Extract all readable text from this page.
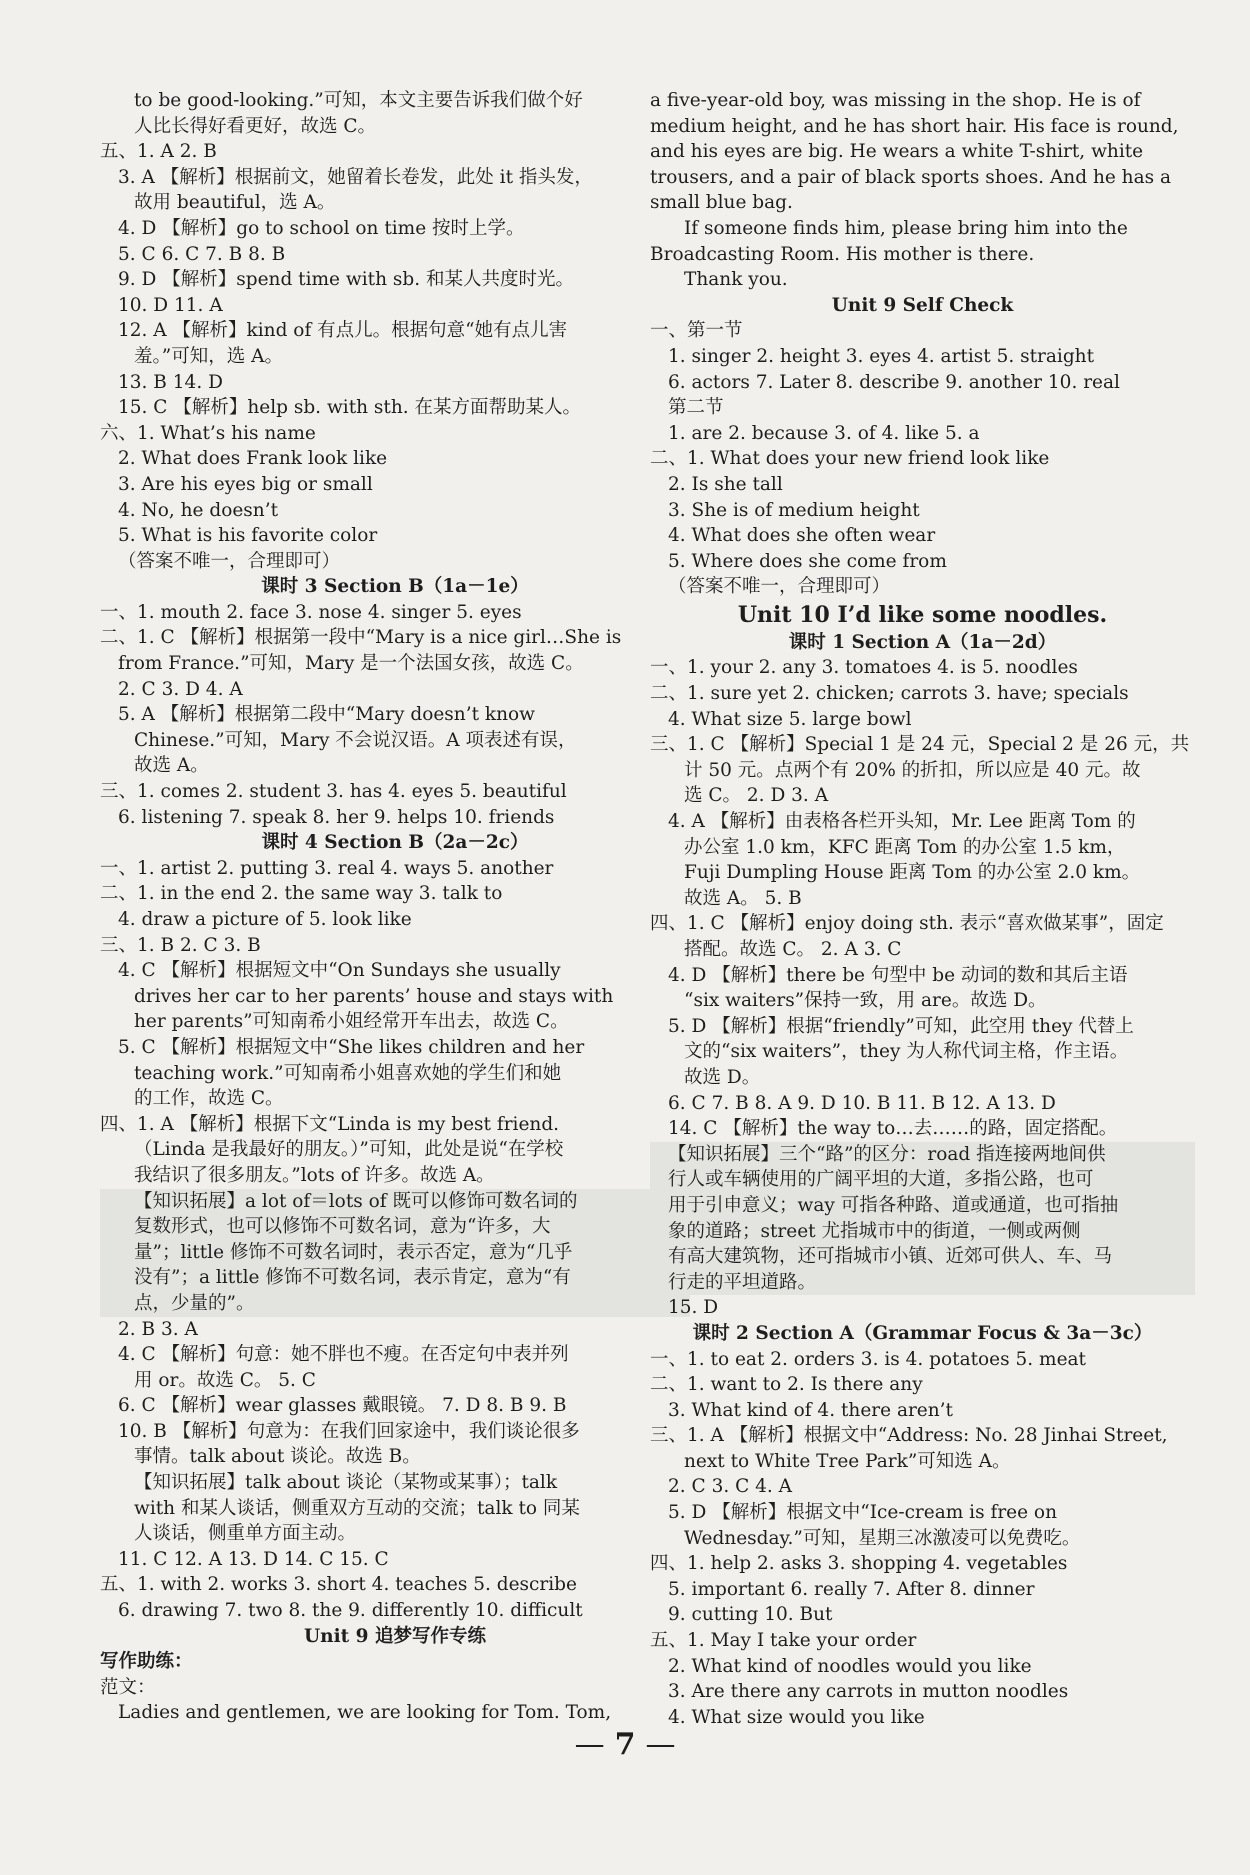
to be good-looking.”可知，本文主要告诉我们做个好
人比长得好看更好，故选 C。
五、1. A 2. B
3. A 【解析】根据前文，她留着长卷发，此处 it 指头发，
故用 beautiful，选 A。
4. D 【解析】go to school on time 按时上学。
5. C 6. C 7. B 8. B
9. D 【解析】spend time with sb. 和某人共度时光。
10. D 11. A
12. A 【解析】kind of 有点儿。根据句意“她有点儿害
羞。”可知，选 A。
13. B 14. D
15. C 【解析】help sb. with sth. 在某方面帮助某人。
六、1. What’s his name
2. What does Frank look like
3. Are his eyes big or small
4. No, he doesn’t
5. What is his favorite color
（答案不唯一，合理即可）
课时 3 Section B（1a－1e）
一、1. mouth 2. face 3. nose 4. singer 5. eyes
二、1. C 【解析】根据第一段中“Mary is a nice girl…She is
from France.”可知，Mary 是一个法国女孩，故选 C。
2. C 3. D 4. A
5. A 【解析】根据第二段中“Mary doesn’t know
Chinese.”可知，Mary 不会说汉语。A 项表述有误，
故选 A。
三、1. comes 2. student 3. has 4. eyes 5. beautiful
6. listening 7. speak 8. her 9. helps 10. friends
课时 4 Section B（2a－2c）
一、1. artist 2. putting 3. real 4. ways 5. another
二、1. in the end 2. the same way 3. talk to
4. draw a picture of 5. look like
三、1. B 2. C 3. B
4. C 【解析】根据短文中“On Sundays she usually
drives her car to her parents’ house and stays with
her parents”可知南希小姐经常开车出去，故选 C。
5. C 【解析】根据短文中“She likes children and her
teaching work.”可知南希小姐喜欢她的学生们和她
的工作，故选 C。
四、1. A 【解析】根据下文“Linda is my best friend.
（Linda 是我最好的朋友。）”可知，此处是说“在学校
我结识了很多朋友。”lots of 许多。故选 A。
【知识拓展】a lot of＝lots of 既可以修饰可数名词的
复数形式，也可以修饰不可数名词，意为“许多，大
量”；little 修饰不可数名词时，表示否定，意为“几乎
没有”；a little 修饰不可数名词，表示肯定，意为“有
点，少量的”。
2. B 3. A
4. C 【解析】句意：她不胖也不瘦。在否定句中表并列
用 or。故选 C。 5. C
6. C 【解析】wear glasses 戴眼镜。 7. D 8. B 9. B
10. B 【解析】句意为：在我们回家途中，我们谈论很多
事情。talk about 谈论。故选 B。
【知识拓展】talk about 谈论（某物或某事）；talk
with 和某人谈话，侧重双方互动的交流；talk to 同某
人谈话，侧重单方面主动。
11. C 12. A 13. D 14. C 15. C
五、1. with 2. works 3. short 4. teaches 5. describe
6. drawing 7. two 8. the 9. differently 10. difficult
Unit 9 追梦写作专练
写作助练：
范文：
Ladies and gentlemen, we are looking for Tom. Tom,
a five-year-old boy, was missing in the shop. He is of
medium height, and he has short hair. His face is round,
and his eyes are big. He wears a white T-shirt, white
trousers, and a pair of black sports shoes. And he has a
small blue bag.
If someone finds him, please bring him into the
Broadcasting Room. His mother is there.
Thank you.
Unit 9 Self Check
一、第一节
1. singer 2. height 3. eyes 4. artist 5. straight
6. actors 7. Later 8. describe 9. another 10. real
第二节
1. are 2. because 3. of 4. like 5. a
二、1. What does your new friend look like
2. Is she tall
3. She is of medium height
4. What does she often wear
5. Where does she come from
（答案不唯一，合理即可）
Unit 10 I’d like some noodles.
课时 1 Section A（1a－2d）
一、1. your 2. any 3. tomatoes 4. is 5. noodles
二、1. sure yet 2. chicken; carrots 3. have; specials
4. What size 5. large bowl
三、1. C 【解析】Special 1 是 24 元，Special 2 是 26 元，共
计 50 元。点两个有 20% 的折扣，所以应是 40 元。故
选 C。 2. D 3. A
4. A 【解析】由表格各栏开头知，Mr. Lee 距离 Tom 的
办公室 1.0 km，KFC 距离 Tom 的办公室 1.5 km，
Fuji Dumpling House 距离 Tom 的办公室 2.0 km。
故选 A。 5. B
四、1. C 【解析】enjoy doing sth. 表示“喜欢做某事”，固定
搭配。故选 C。 2. A 3. C
4. D 【解析】there be 句型中 be 动词的数和其后主语
“six waiters”保持一致，用 are。故选 D。
5. D 【解析】根据“friendly”可知，此空用 they 代替上
文的“six waiters”，they 为人称代词主格，作主语。
故选 D。
6. C 7. B 8. A 9. D 10. B 11. B 12. A 13. D
14. C 【解析】the way to…去……的路，固定搭配。
【知识拓展】三个“路”的区分：road 指连接两地间供
行人或车辆使用的广阔平坦的大道，多指公路，也可
用于引申意义；way 可指各种路、道或通道，也可指抽
象的道路；street 尤指城市中的街道，一侧或两侧
有高大建筑物，还可指城市小镇、近郊可供人、车、马
行走的平坦道路。
15. D
课时 2 Section A（Grammar Focus & 3a－3c）
一、1. to eat 2. orders 3. is 4. potatoes 5. meat
二、1. want to 2. Is there any
3. What kind of 4. there aren’t
三、1. A 【解析】根据文中“Address: No. 28 Jinhai Street,
next to White Tree Park”可知选 A。
2. C 3. C 4. A
5. D 【解析】根据文中“Ice-cream is free on
Wednesday.”可知，星期三冰激凌可以免费吃。
四、1. help 2. asks 3. shopping 4. vegetables
5. important 6. really 7. After 8. dinner
9. cutting 10. But
五、1. May I take your order
2. What kind of noodles would you like
3. Are there any carrots in mutton noodles
4. What size would you like
— 7 —
